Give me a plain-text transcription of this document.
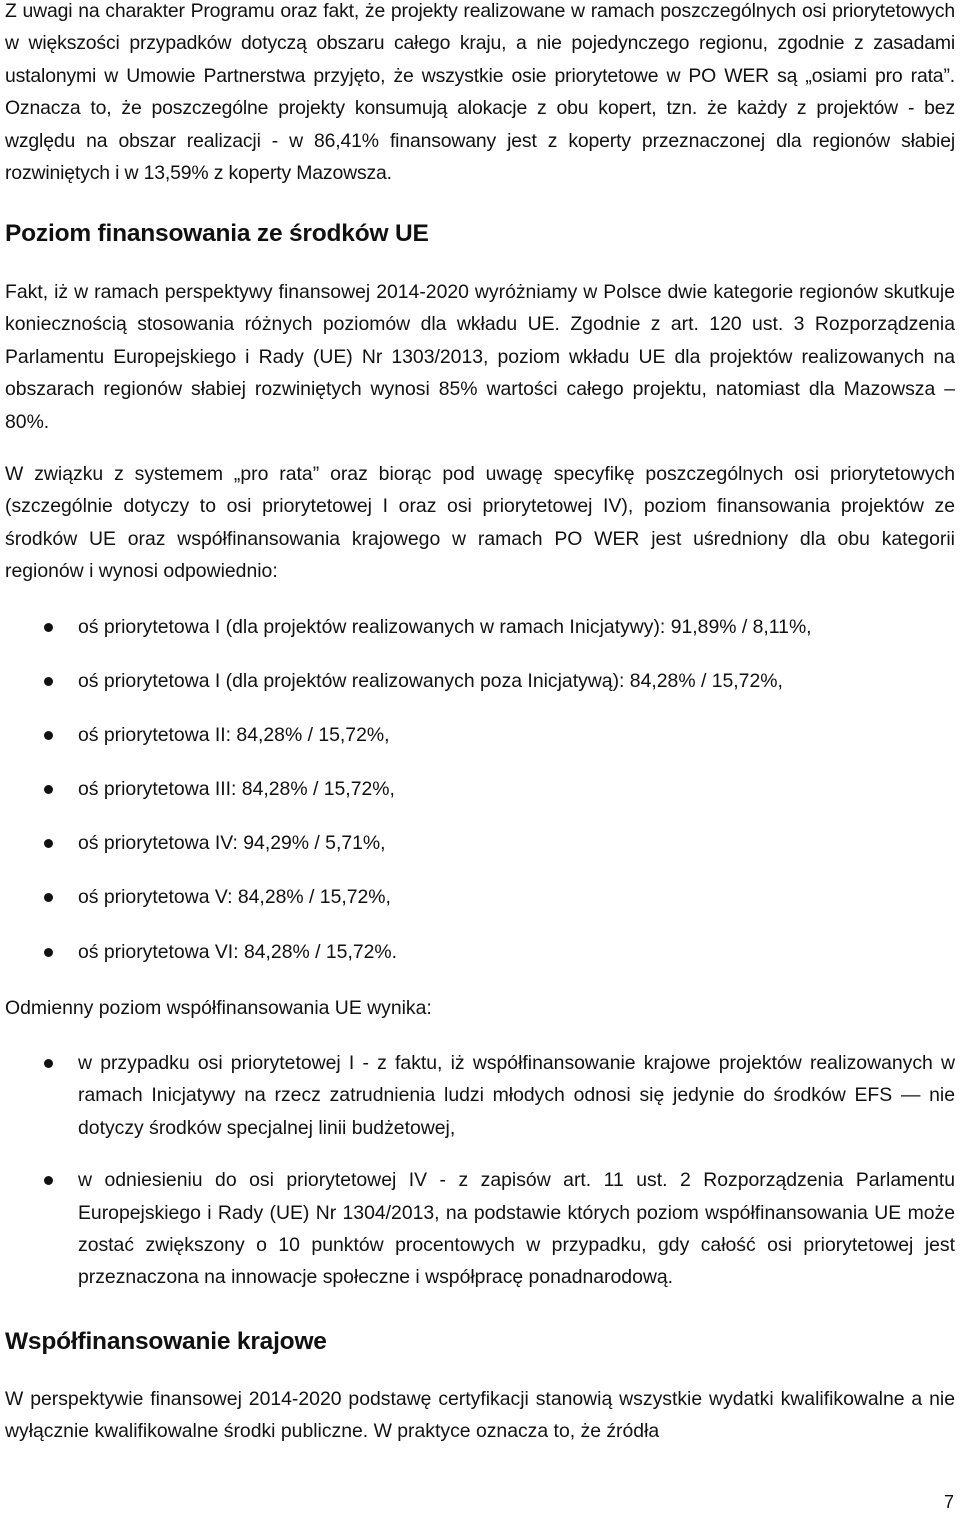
Z uwagi na charakter Programu oraz fakt, że projekty realizowane w ramach poszczególnych osi priorytetowych w większości przypadków dotyczą obszaru całego kraju, a nie pojedynczego regionu, zgodnie z zasadami ustalonymi w Umowie Partnerstwa przyjęto, że wszystkie osie priorytetowe w PO WER są „osiami pro rata”. Oznacza to, że poszczególne projekty konsumują alokacje z obu kopert, tzn. że każdy z projektów - bez względu na obszar realizacji - w 86,41% finansowany jest z koperty przeznaczonej dla regionów słabiej rozwiniętych i w 13,59% z koperty Mazowsza.

Poziom finansowania ze środków UE

Fakt, iż w ramach perspektywy finansowej 2014-2020 wyróżniamy w Polsce dwie kategorie regionów skutkuje koniecznością stosowania różnych poziomów dla wkładu UE. Zgodnie z art. 120 ust. 3 Rozporządzenia Parlamentu Europejskiego i Rady (UE) Nr 1303/2013, poziom wkładu UE dla projektów realizowanych na obszarach regionów słabiej rozwiniętych wynosi 85% wartości całego projektu, natomiast dla Mazowsza – 80%.

W związku z systemem „pro rata” oraz biorąc pod uwagę specyfikę poszczególnych osi priorytetowych (szczególnie dotyczy to osi priorytetowej I oraz osi priorytetowej IV), poziom finansowania projektów ze środków UE oraz współfinansowania krajowego w ramach PO WER jest uśredniony dla obu kategorii regionów i wynosi odpowiednio:

oś priorytetowa I (dla projektów realizowanych w ramach Inicjatywy): 91,89% / 8,11%,
oś priorytetowa I (dla projektów realizowanych poza Inicjatywą): 84,28% / 15,72%,
oś priorytetowa II: 84,28% / 15,72%,
oś priorytetowa III: 84,28% / 15,72%,
oś priorytetowa IV: 94,29% / 5,71%,
oś priorytetowa V: 84,28% / 15,72%,
oś priorytetowa VI: 84,28% / 15,72%.

Odmienny poziom współfinansowania UE wynika:

w przypadku osi priorytetowej I - z faktu, iż współfinansowanie krajowe projektów realizowanych w ramach Inicjatywy na rzecz zatrudnienia ludzi młodych odnosi się jedynie do środków EFS — nie dotyczy środków specjalnej linii budżetowej,
w odniesieniu do osi priorytetowej IV - z zapisów art. 11 ust. 2 Rozporządzenia Parlamentu Europejskiego i Rady (UE) Nr 1304/2013, na podstawie których poziom współfinansowania UE może zostać zwiększony o 10 punktów procentowych w przypadku, gdy całość osi priorytetowej jest przeznaczona na innowacje społeczne i współpracę ponadnarodową.
Współfinansowanie krajowe

W perspektywie finansowej 2014-2020 podstawę certyfikacji stanowią wszystkie wydatki kwalifikowalne a nie wyłącznie kwalifikowalne środki publiczne. W praktyce oznacza to, że źródła

7
